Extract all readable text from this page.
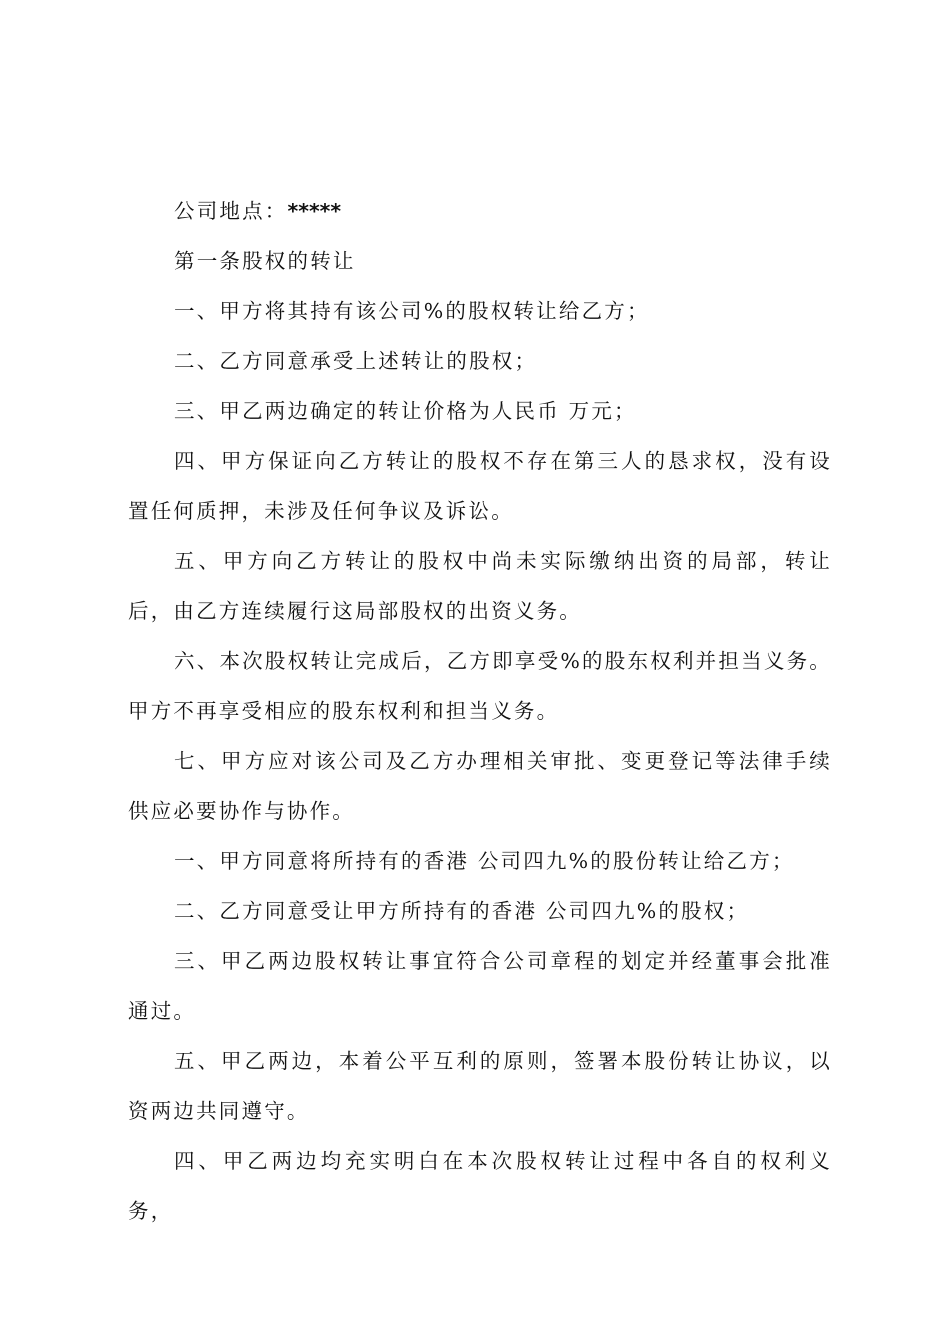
公司地点：*****

第一条股权的转让

一、甲方将其持有该公司%的股权转让给乙方；

二、乙方同意承受上述转让的股权；

三、甲乙两边确定的转让价格为人民币 万元；

四、甲方保证向乙方转让的股权不存在第三人的恳求权，没有设置任何质押，未涉及任何争议及诉讼。

五、甲方向乙方转让的股权中尚未实际缴纳出资的局部，转让后，由乙方连续履行这局部股权的出资义务。

六、本次股权转让完成后，乙方即享受%的股东权利并担当义务。甲方不再享受相应的股东权利和担当义务。

七、甲方应对该公司及乙方办理相关审批、变更登记等法律手续供应必要协作与协作。

一、甲方同意将所持有的香港 公司四九%的股份转让给乙方；

二、乙方同意受让甲方所持有的香港 公司四九%的股权；

三、甲乙两边股权转让事宜符合公司章程的划定并经董事会批准通过。

五、甲乙两边，本着公平互利的原则，签署本股份转让协议，以资两边共同遵守。

四、甲乙两边均充实明白在本次股权转让过程中各自的权利义务，
